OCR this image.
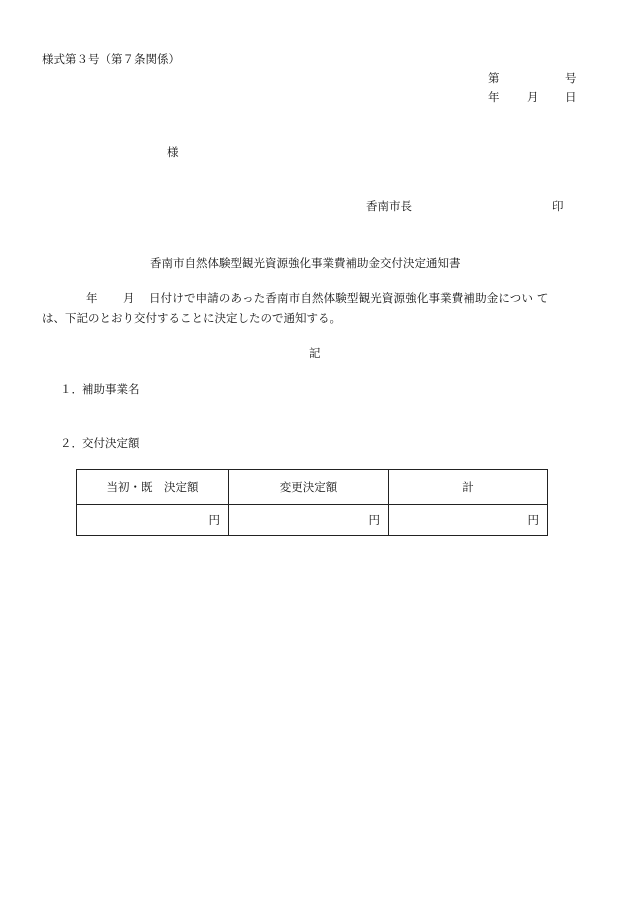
様式第３号（第７条関係）
第	号
年 月 日
様
香南市長	印
香南市自然体験型観光資源強化事業費補助金交付決定通知書
年 月 日付けで申請のあった香南市自然体験型観光資源強化事業費補助金につい て
は、下記のとおり交付することに決定したので通知する。
記
１． 補助事業名
２． 交付決定額
当初・既　決定額	変更決定額	計
円	円	円
